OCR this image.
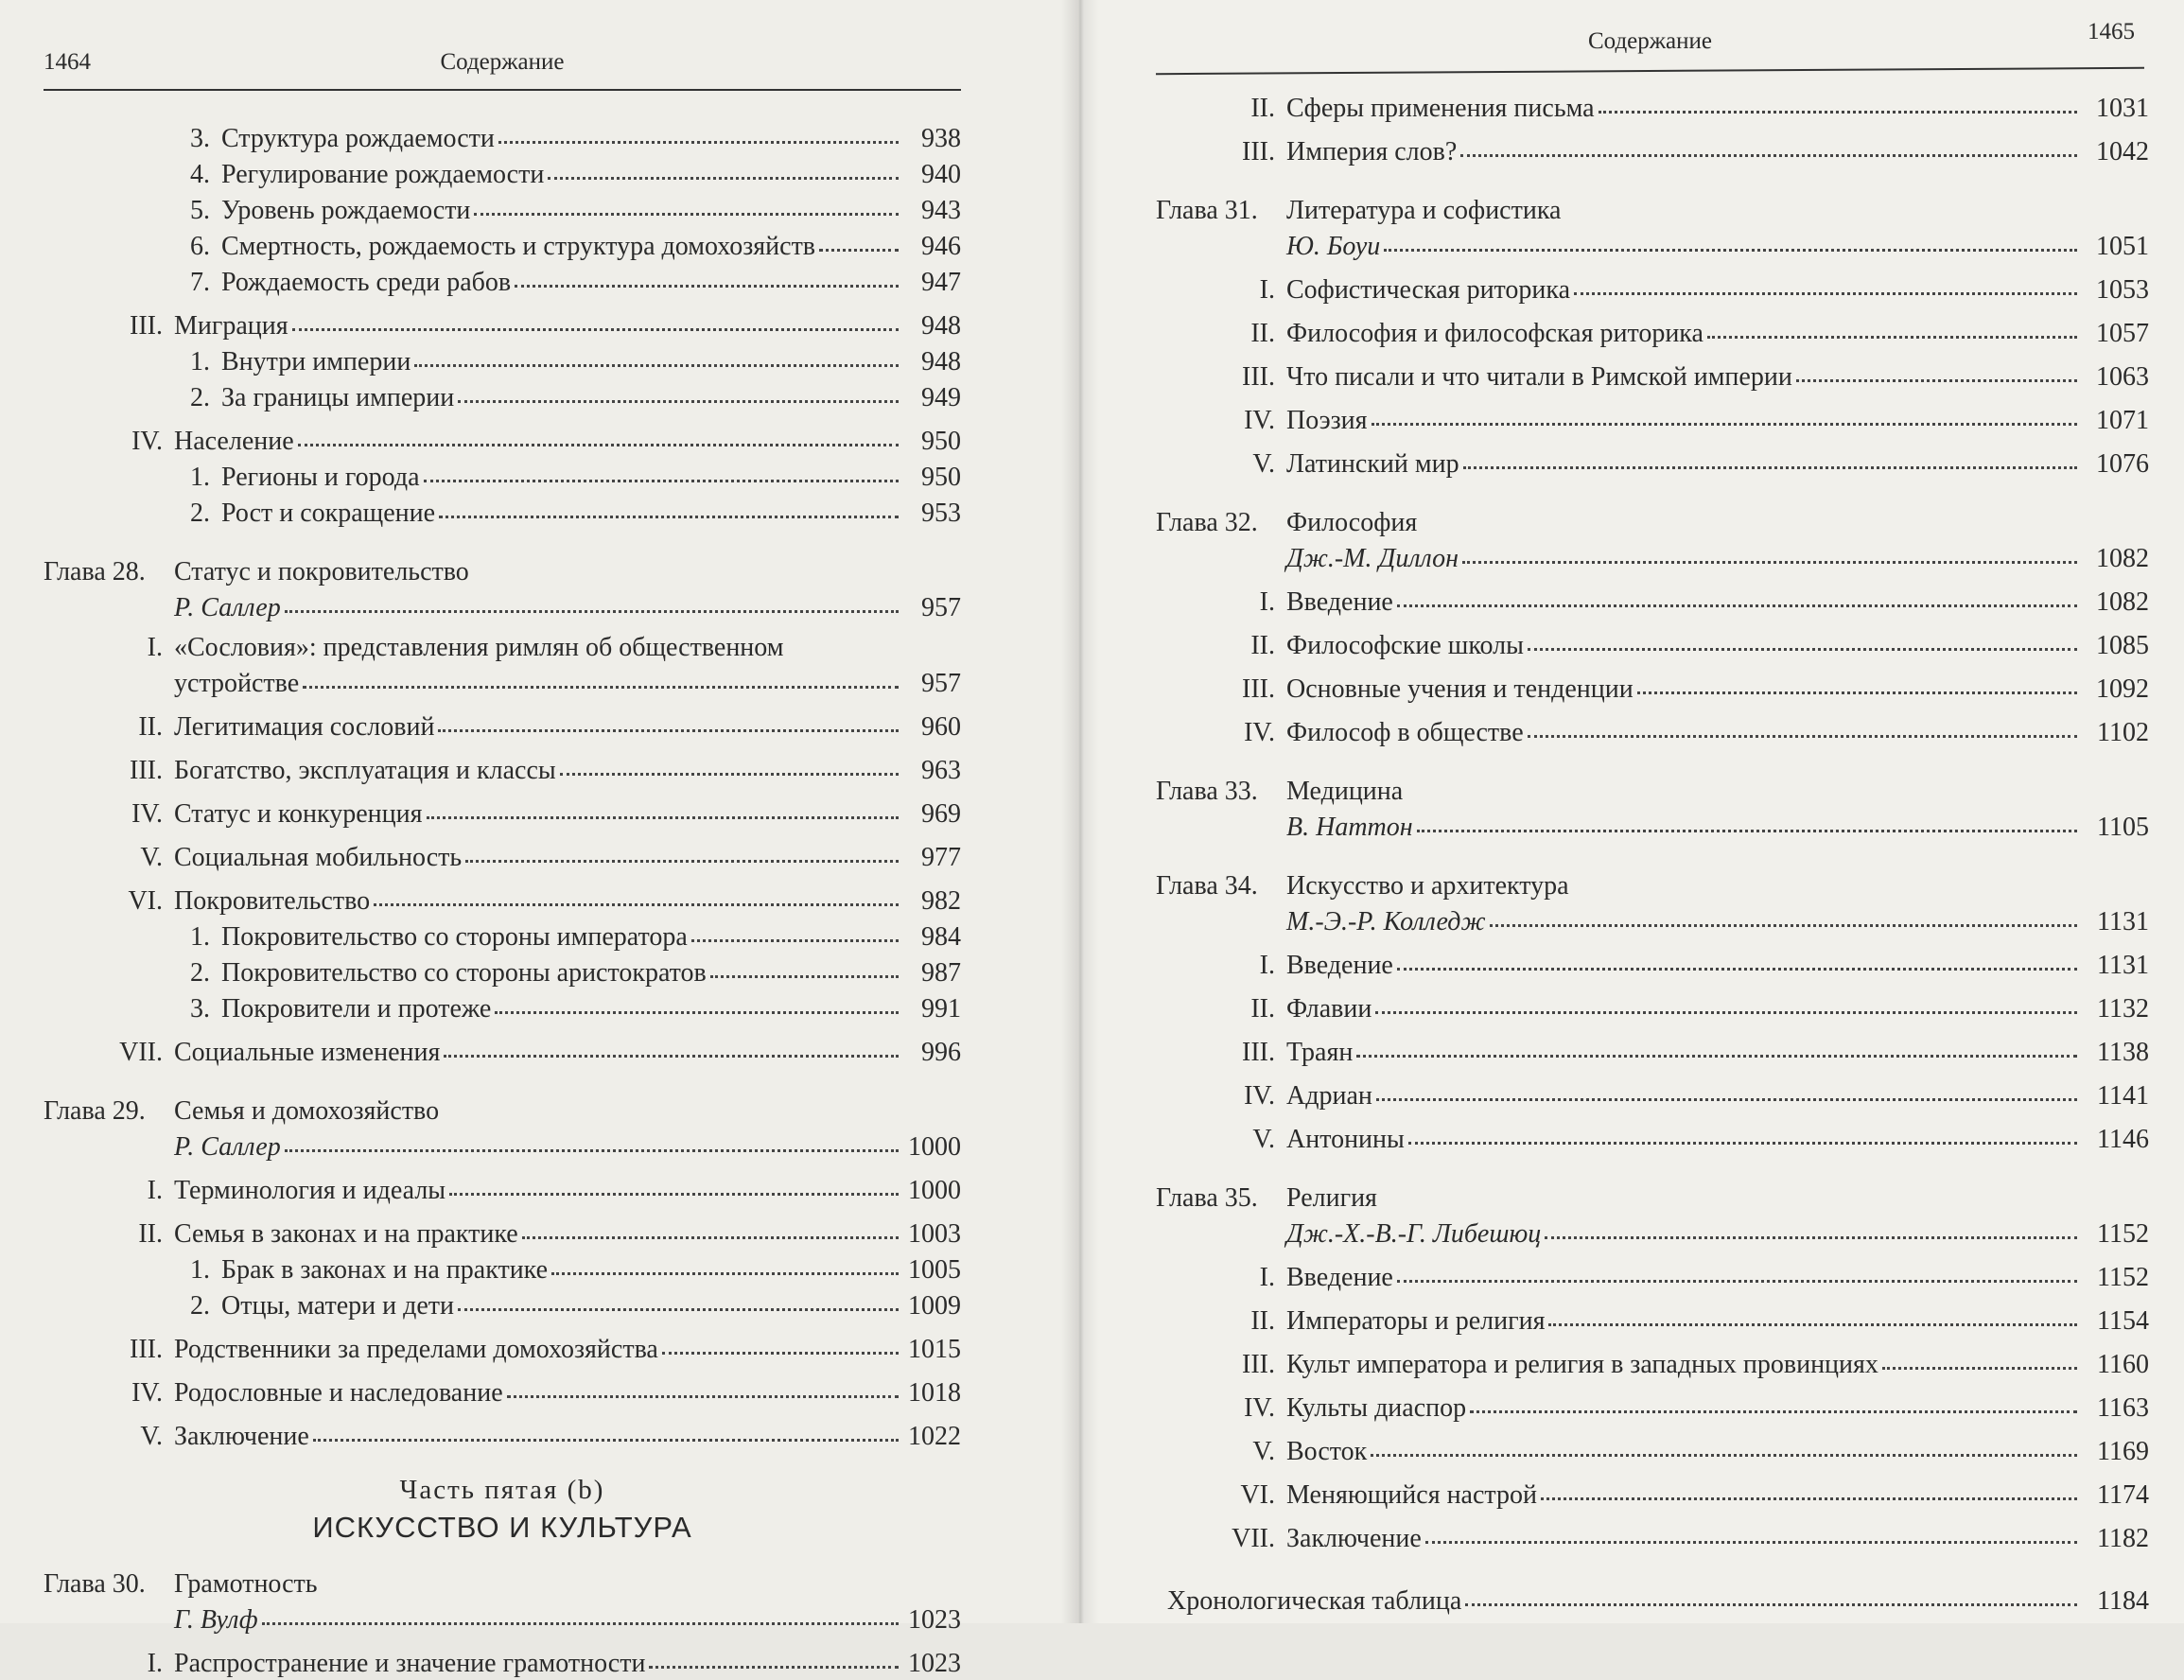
1464	Содержание
3. Структура рождаемости	938
4. Регулирование рождаемости	940
5. Уровень рождаемости	943
6. Смертность, рождаемость и структура домохозяйств	946
7. Рождаемость среди рабов	947
III. Миграция	948
1. Внутри империи	948
2. За границы империи	949
IV. Население	950
1. Регионы и города	950
2. Рост и сокращение	953
Глава 28.	Статус и покровительство
Р. Саллер	957
I. «Сословия»: представления римлян об общественном
устройстве	957
II. Легитимация сословий	960
III. Богатство, эксплуатация и классы	963
IV. Статус и конкуренция	969
V. Социальная мобильность	977
VI. Покровительство	982
1. Покровительство со стороны императора	984
2. Покровительство со стороны аристократов	987
3. Покровители и протеже	991
VII. Социальные изменения	996
Глава 29.	Семья и домохозяйство
Р. Саллер	1000
I. Терминология и идеалы	1000
II. Семья в законах и на практике	1003
1. Брак в законах и на практике	1005
2. Отцы, матери и дети	1009
III. Родственники за пределами домохозяйства	1015
IV. Родословные и наследование	1018
V. Заключение	1022
Часть пятая (b)
ИСКУССТВО И КУЛЬТУРА
Глава 30.	Грамотность
Г. Вулф	1023
I. Распространение и значение грамотности	1023
Содержание	1465
II. Сферы применения письма	1031
III. Империя слов?	1042
Глава 31.	Литература и софистика
Ю. Боуи	1051
I. Софистическая риторика	1053
II. Философия и философская риторика	1057
III. Что писали и что читали в Римской империи	1063
IV. Поэзия	1071
V. Латинский мир	1076
Глава 32.	Философия
Дж.-М. Диллон	1082
I. Введение	1082
II. Философские школы	1085
III. Основные учения и тенденции	1092
IV. Философ в обществе	1102
Глава 33.	Медицина
В. Наттон	1105
Глава 34.	Искусство и архитектура
М.-Э.-Р. Колледж	1131
I. Введение	1131
II. Флавии	1132
III. Траян	1138
IV. Адриан	1141
V. Антонины	1146
Глава 35.	Религия
Дж.-Х.-В.-Г. Либешюц	1152
I. Введение	1152
II. Императоры и религия	1154
III. Культ императора и религия в западных провинциях	1160
IV. Культы диаспор	1163
V. Восток	1169
VI. Меняющийся настрой	1174
VII. Заключение	1182
Хронологическая таблица	1184
